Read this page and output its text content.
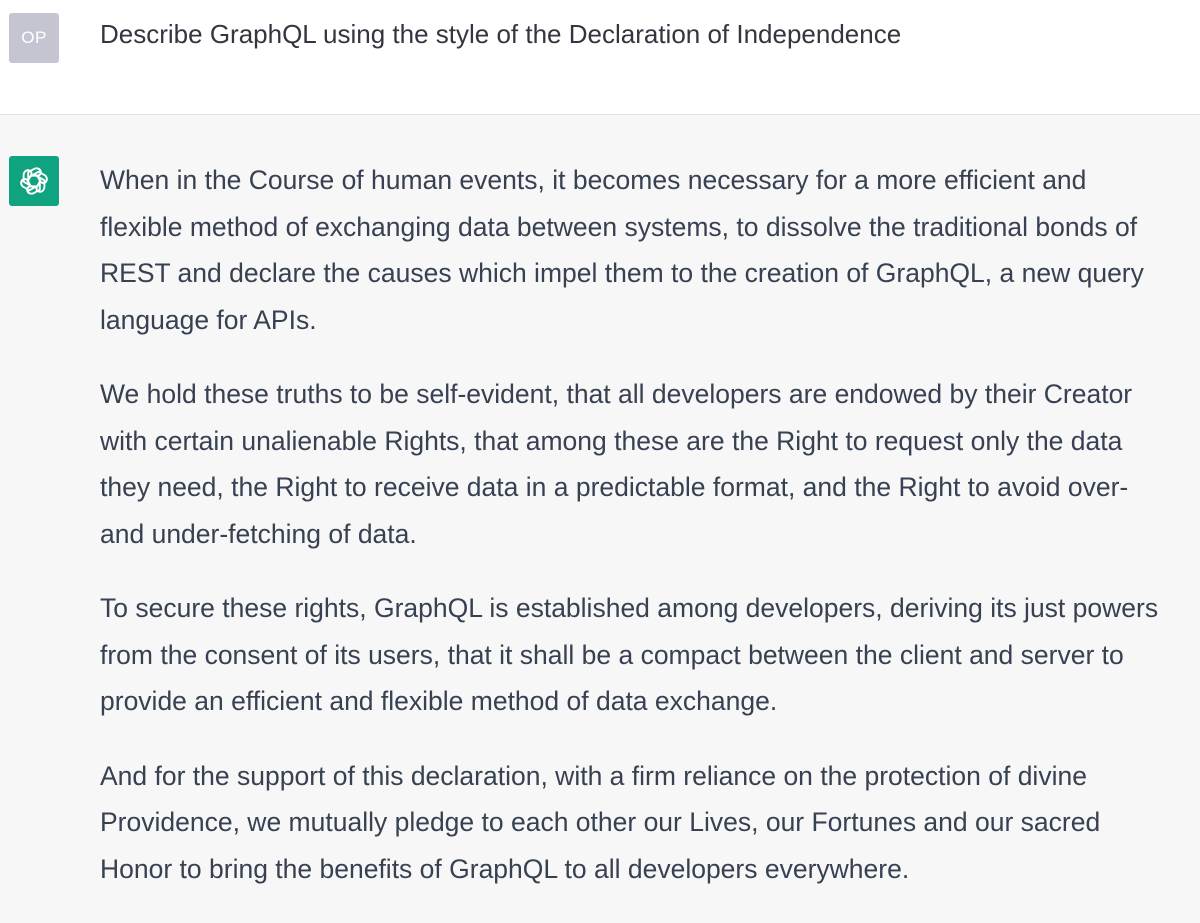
OP Describe GraphQL using the style of the Declaration of Independence

When in the Course of human events, it becomes necessary for a more efficient and
flexible method of exchanging data between systems, to dissolve the traditional bonds of
REST and declare the causes which impel them to the creation of GraphQL, a new query
language for APIs.

We hold these truths to be self-evident, that all developers are endowed by their Creator
with certain unalienable Rights, that among these are the Right to request only the data
they need, the Right to receive data in a predictable format, and the Right to avoid over-
and under-fetching of data.

To secure these rights, GraphQL is established among developers, deriving its just powers
from the consent of its users, that it shall be a compact between the client and server to
provide an efficient and flexible method of data exchange.

And for the support of this declaration, with a firm reliance on the protection of divine
Providence, we mutually pledge to each other our Lives, our Fortunes and our sacred
Honor to bring the benefits of GraphQL to all developers everywhere.
